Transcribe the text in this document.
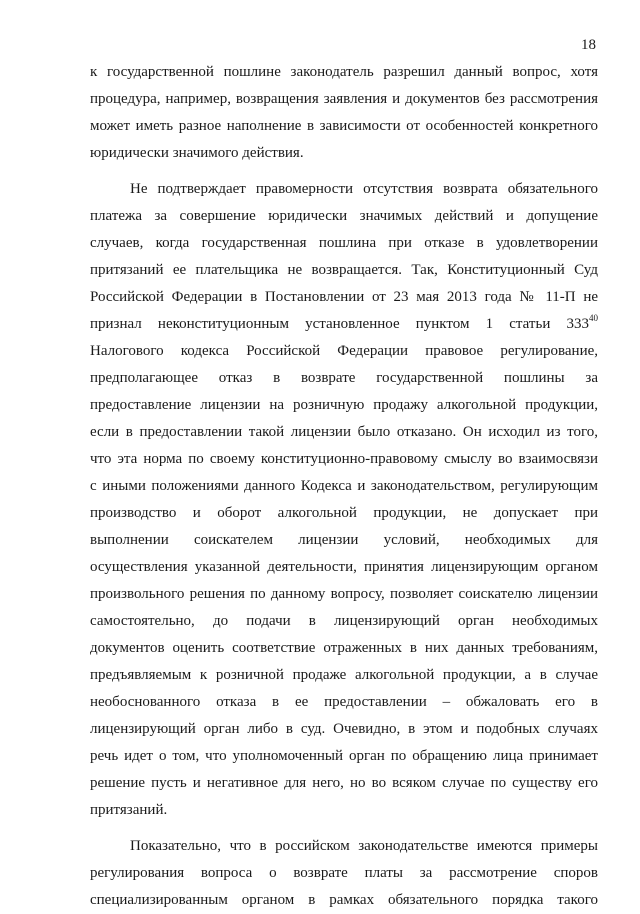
18
к государственной пошлине законодатель разрешил данный вопрос, хотя
процедура, например, возвращения заявления и документов без рассмотрения
может иметь разное наполнение в зависимости от особенностей конкретного
юридически значимого действия.
Не подтверждает правомерности отсутствия возврата обязательного
платежа за совершение юридически значимых действий и допущение
случаев, когда государственная пошлина при отказе в удовлетворении
притязаний ее плательщика не возвращается. Так, Конституционный Суд
Российской Федерации в Постановлении от 23 мая 2013 года № 11-П не
признал неконституционным установленное пунктом 1 статьи $333^{40}$
Налогового кодекса Российской Федерации правовое регулирование,
предполагающее отказ в возврате государственной пошлины за
предоставление лицензии на розничную продажу алкогольной продукции,
если в предоставлении такой лицензии было отказано. Он исходил из того,
что эта норма по своему конституционно-правовому смыслу во взаимосвязи
с иными положениями данного Кодекса и законодательством, регулирующим
производство и оборот алкогольной продукции, не допускает при
выполнении соискателем лицензии условий, необходимых для
осуществления указанной деятельности, принятия лицензирующим органом
произвольного решения по данному вопросу, позволяет соискателю лицензии
самостоятельно, до подачи в лицензирующий орган необходимых
документов оценить соответствие отраженных в них данных требованиям,
предъявляемым к розничной продаже алкогольной продукции, а в случае
необоснованного отказа в ее предоставлении – обжаловать его в
лицензирующий орган либо в суд. Очевидно, в этом и подобных случаях
речь идет о том, что уполномоченный орган по обращению лица принимает
решение пусть и негативное для него, но во всяком случае по существу его
притязаний.
Показательно, что в российском законодательстве имеются примеры
регулирования вопроса о возврате платы за рассмотрение споров
специализированным органом в рамках обязательного порядка такого
